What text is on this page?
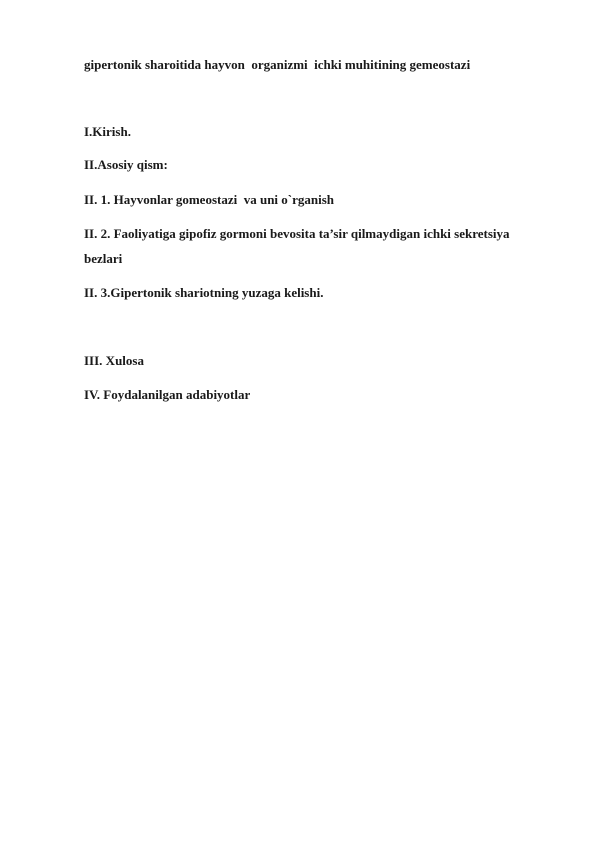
gipertonik sharoitida hayvon  organizmi  ichki muhitining gemeostazi

I.Kirish.

II.Asosiy qism:

II. 1. Hayvonlar gomeostazi  va uni o`rganish

II. 2. Faoliyatiga gipofiz gormoni bevosita ta’sir qilmaydigan ichki sekretsiya

bezlari

II. 3.Gipertonik shariotning yuzaga kelishi.

III. Xulosa

IV. Foydalanilgan adabiyotlar
